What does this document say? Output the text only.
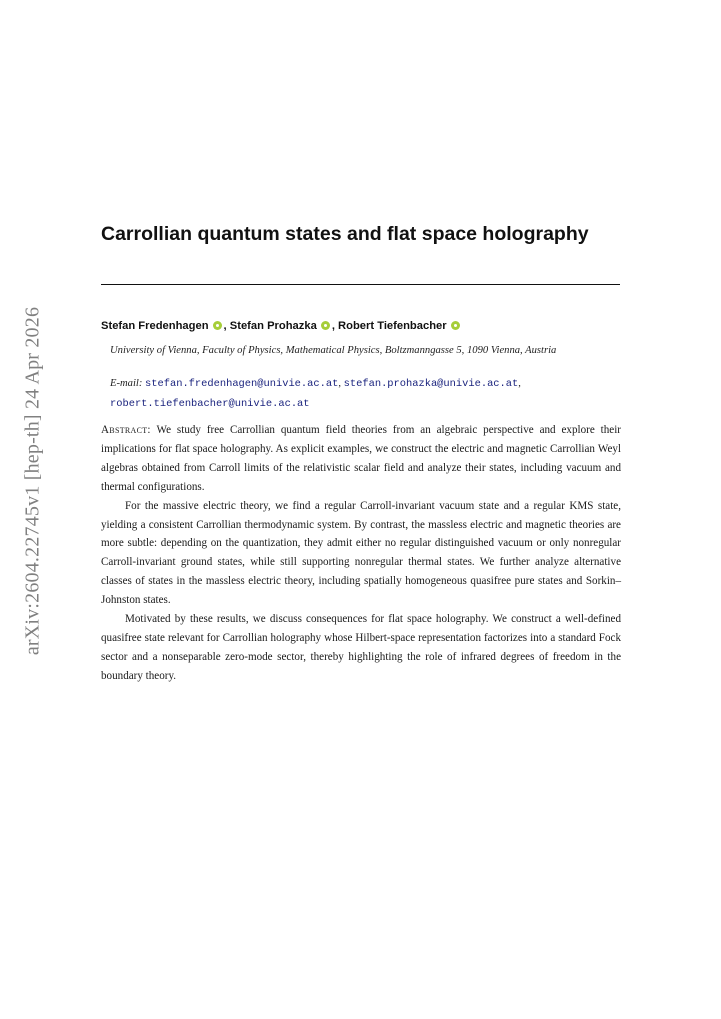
arXiv:2604.22745v1 [hep-th] 24 Apr 2026
Carrollian quantum states and flat space holography
Stefan Fredenhagen , Stefan Prohazka , Robert Tiefenbacher
University of Vienna, Faculty of Physics, Mathematical Physics, Boltzmanngasse 5, 1090 Vienna, Austria
E-mail: stefan.fredenhagen@univie.ac.at, stefan.prohazka@univie.ac.at,
robert.tiefenbacher@univie.ac.at

Abstract: We study free Carrollian quantum field theories from an algebraic perspective and explore their implications for flat space holography. As explicit examples, we construct the electric and magnetic Carrollian Weyl algebras obtained from Carroll limits of the relativistic scalar field and analyze their states, including vacuum and thermal configurations.

For the massive electric theory, we find a regular Carroll-invariant vacuum state and a regular KMS state, yielding a consistent Carrollian thermodynamic system. By contrast, the massless electric and magnetic theories are more subtle: depending on the quantization, they admit either no regular distinguished vacuum or only nonregular Carroll-invariant ground states, while still supporting nonregular thermal states. We further analyze alternative classes of states in the massless electric theory, including spatially homogeneous quasifree pure states and Sorkin–Johnston states.

Motivated by these results, we discuss consequences for flat space holography. We construct a well-defined quasifree state relevant for Carrollian holography whose Hilbert-space representation factorizes into a standard Fock sector and a nonseparable zero-mode sector, thereby highlighting the role of infrared degrees of freedom in the boundary theory.
